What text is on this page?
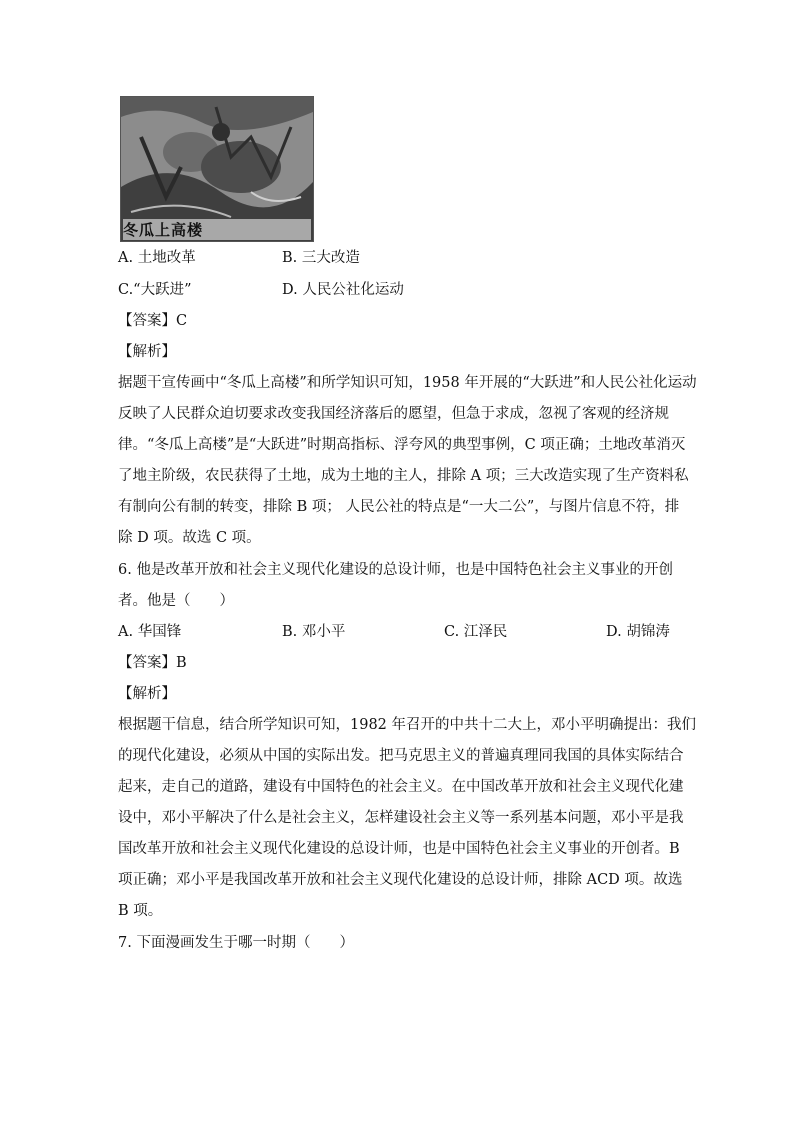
冬瓜上高楼
A. 土地改革	B. 三大改造
C.“大跃进”	D. 人民公社化运动
【答案】C
【解析】
据题干宣传画中“冬瓜上高楼”和所学知识可知，1958 年开展的“大跃进”和人民公社化运动
反映了人民群众迫切要求改变我国经济落后的愿望，但急于求成，忽视了客观的经济规
律。“冬瓜上高楼”是“大跃进”时期高指标、浮夸风的典型事例，C 项正确；土地改革消灭
了地主阶级，农民获得了土地，成为土地的主人，排除 A 项；三大改造实现了生产资料私
有制向公有制的转变，排除 B 项； 人民公社的特点是“一大二公”，与图片信息不符，排
除 D 项。故选 C 项。
6. 他是改革开放和社会主义现代化建设的总设计师，也是中国特色社会主义事业的开创
者。他是（　　）
A. 华国锋	B. 邓小平	C. 江泽民	D. 胡锦涛
【答案】B
【解析】
根据题干信息，结合所学知识可知，1982 年召开的中共十二大上，邓小平明确提出：我们
的现代化建设，必须从中国的实际出发。把马克思主义的普遍真理同我国的具体实际结合
起来，走自己的道路，建设有中国特色的社会主义。在中国改革开放和社会主义现代化建
设中，邓小平解决了什么是社会主义，怎样建设社会主义等一系列基本问题，邓小平是我
国改革开放和社会主义现代化建设的总设计师，也是中国特色社会主义事业的开创者。B
项正确；邓小平是我国改革开放和社会主义现代化建设的总设计师，排除 ACD 项。故选
B 项。
7. 下面漫画发生于哪一时期（　　）
